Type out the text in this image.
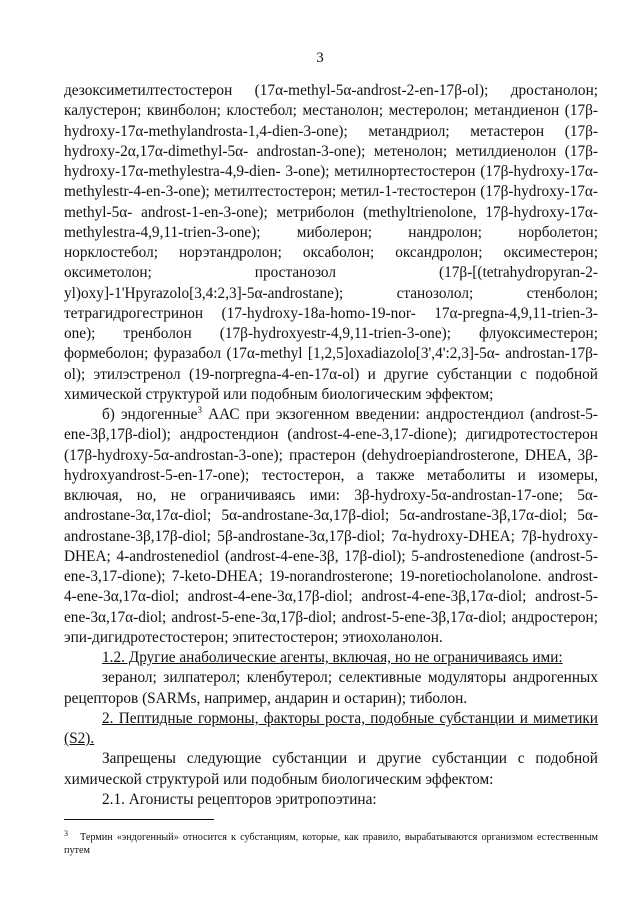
3

дезоксиметилтестостерон (17α-methyl-5α-androst-2-en-17β-ol); дростанолон; калустерон; квинболон; клостебол; местанолон; местеролон; метандиенон (17β-hydroxy-17α-methylandrosta-1,4-dien-3-one); метандриол; метастерон (17β-hydroxy-2α,17α-dimethyl-5α- androstan-3-one); метенолон; метилдиенолон (17β-hydroxy-17α-methylestra-4,9-dien- 3-one); метилнортестостерон (17β-hydroxy-17α-methylestr-4-en-3-one); метилтестостерон; метил-1-тестостерон (17β-hydroxy-17α-methyl-5α- androst-1-en-3-one); метриболон (methyltrienolone, 17β-hydroxy-17α-methylestra-4,9,11-trien-3-one); миболерон; нандролон; норболетон; норклостебол; норэтандролон; оксаболон; оксандролон; оксиместерон; оксиметолон; простанозол (17β-[(tetrahydropyran-2-yl)oxy]-1'Hpyrazolo[3,4:2,3]-5α-androstane); станозолол; стенболон; тетрагидрогестринон (17-hydroxy-18a-homo-19-nor- 17α-pregna-4,9,11-trien-3-one); тренболон (17β-hydroxyestr-4,9,11-trien-3-one); флуоксиместерон; формеболон; фуразабол (17α-methyl [1,2,5]oxadiazolo[3',4':2,3]-5α- androstan-17β-ol); этилэстренол (19-norpregna-4-en-17α-ol) и другие субстанции с подобной химической структурой или подобным биологическим эффектом;

б) эндогенные$^3$ ААС при экзогенном введении: андростендиол (androst-5-ene-3β,17β-diol); андростендион (androst-4-ene-3,17-dione); дигидротестостерон (17β-hydroxy-5α-androstan-3-one); прастерон (dehydroepiandrosterone, DHEA, 3β-hydroxyandrost-5-en-17-one); тестостерон, а также метаболиты и изомеры, включая, но, не ограничиваясь ими: 3β-hydroxy-5α-androstan-17-one; 5α-androstane-3α,17α-diol; 5α-androstane-3α,17β-diol; 5α-androstane-3β,17α-diol; 5α-androstane-3β,17β-diol; 5β-androstane-3α,17β-diol; 7α-hydroxy-DHEA; 7β-hydroxy-DHEA; 4-androstenediol (androst-4-ene-3β, 17β-diol); 5-androstenedione (androst-5-ene-3,17-dione); 7-keto-DHEA; 19-norandrosterone; 19-noretiocholanolone. androst-4-ene-3α,17α-diol; androst-4-ene-3α,17β-diol; androst-4-ene-3β,17α-diol; androst-5-ene-3α,17α-diol; androst-5-ene-3α,17β-diol; androst-5-ene-3β,17α-diol; андростерон; эпи-дигидротестостерон; эпитестостерон; этиохоланолон.

1.2. Другие анаболические агенты, включая, но не ограничиваясь ими:

зеранол; зилпатерол; кленбутерол; селективные модуляторы андрогенных рецепторов (SARMs, например, андарин и остарин); тиболон.

2. Пептидные гормоны, факторы роста, подобные субстанции и миметики (S2).

Запрещены следующие субстанции и другие субстанции с подобной химической структурой или подобным биологическим эффектом:

2.1. Агонисты рецепторов эритропоэтина:

3 Термин «эндогенный» относится к субстанциям, которые, как правило, вырабатываются организмом естественным путем
